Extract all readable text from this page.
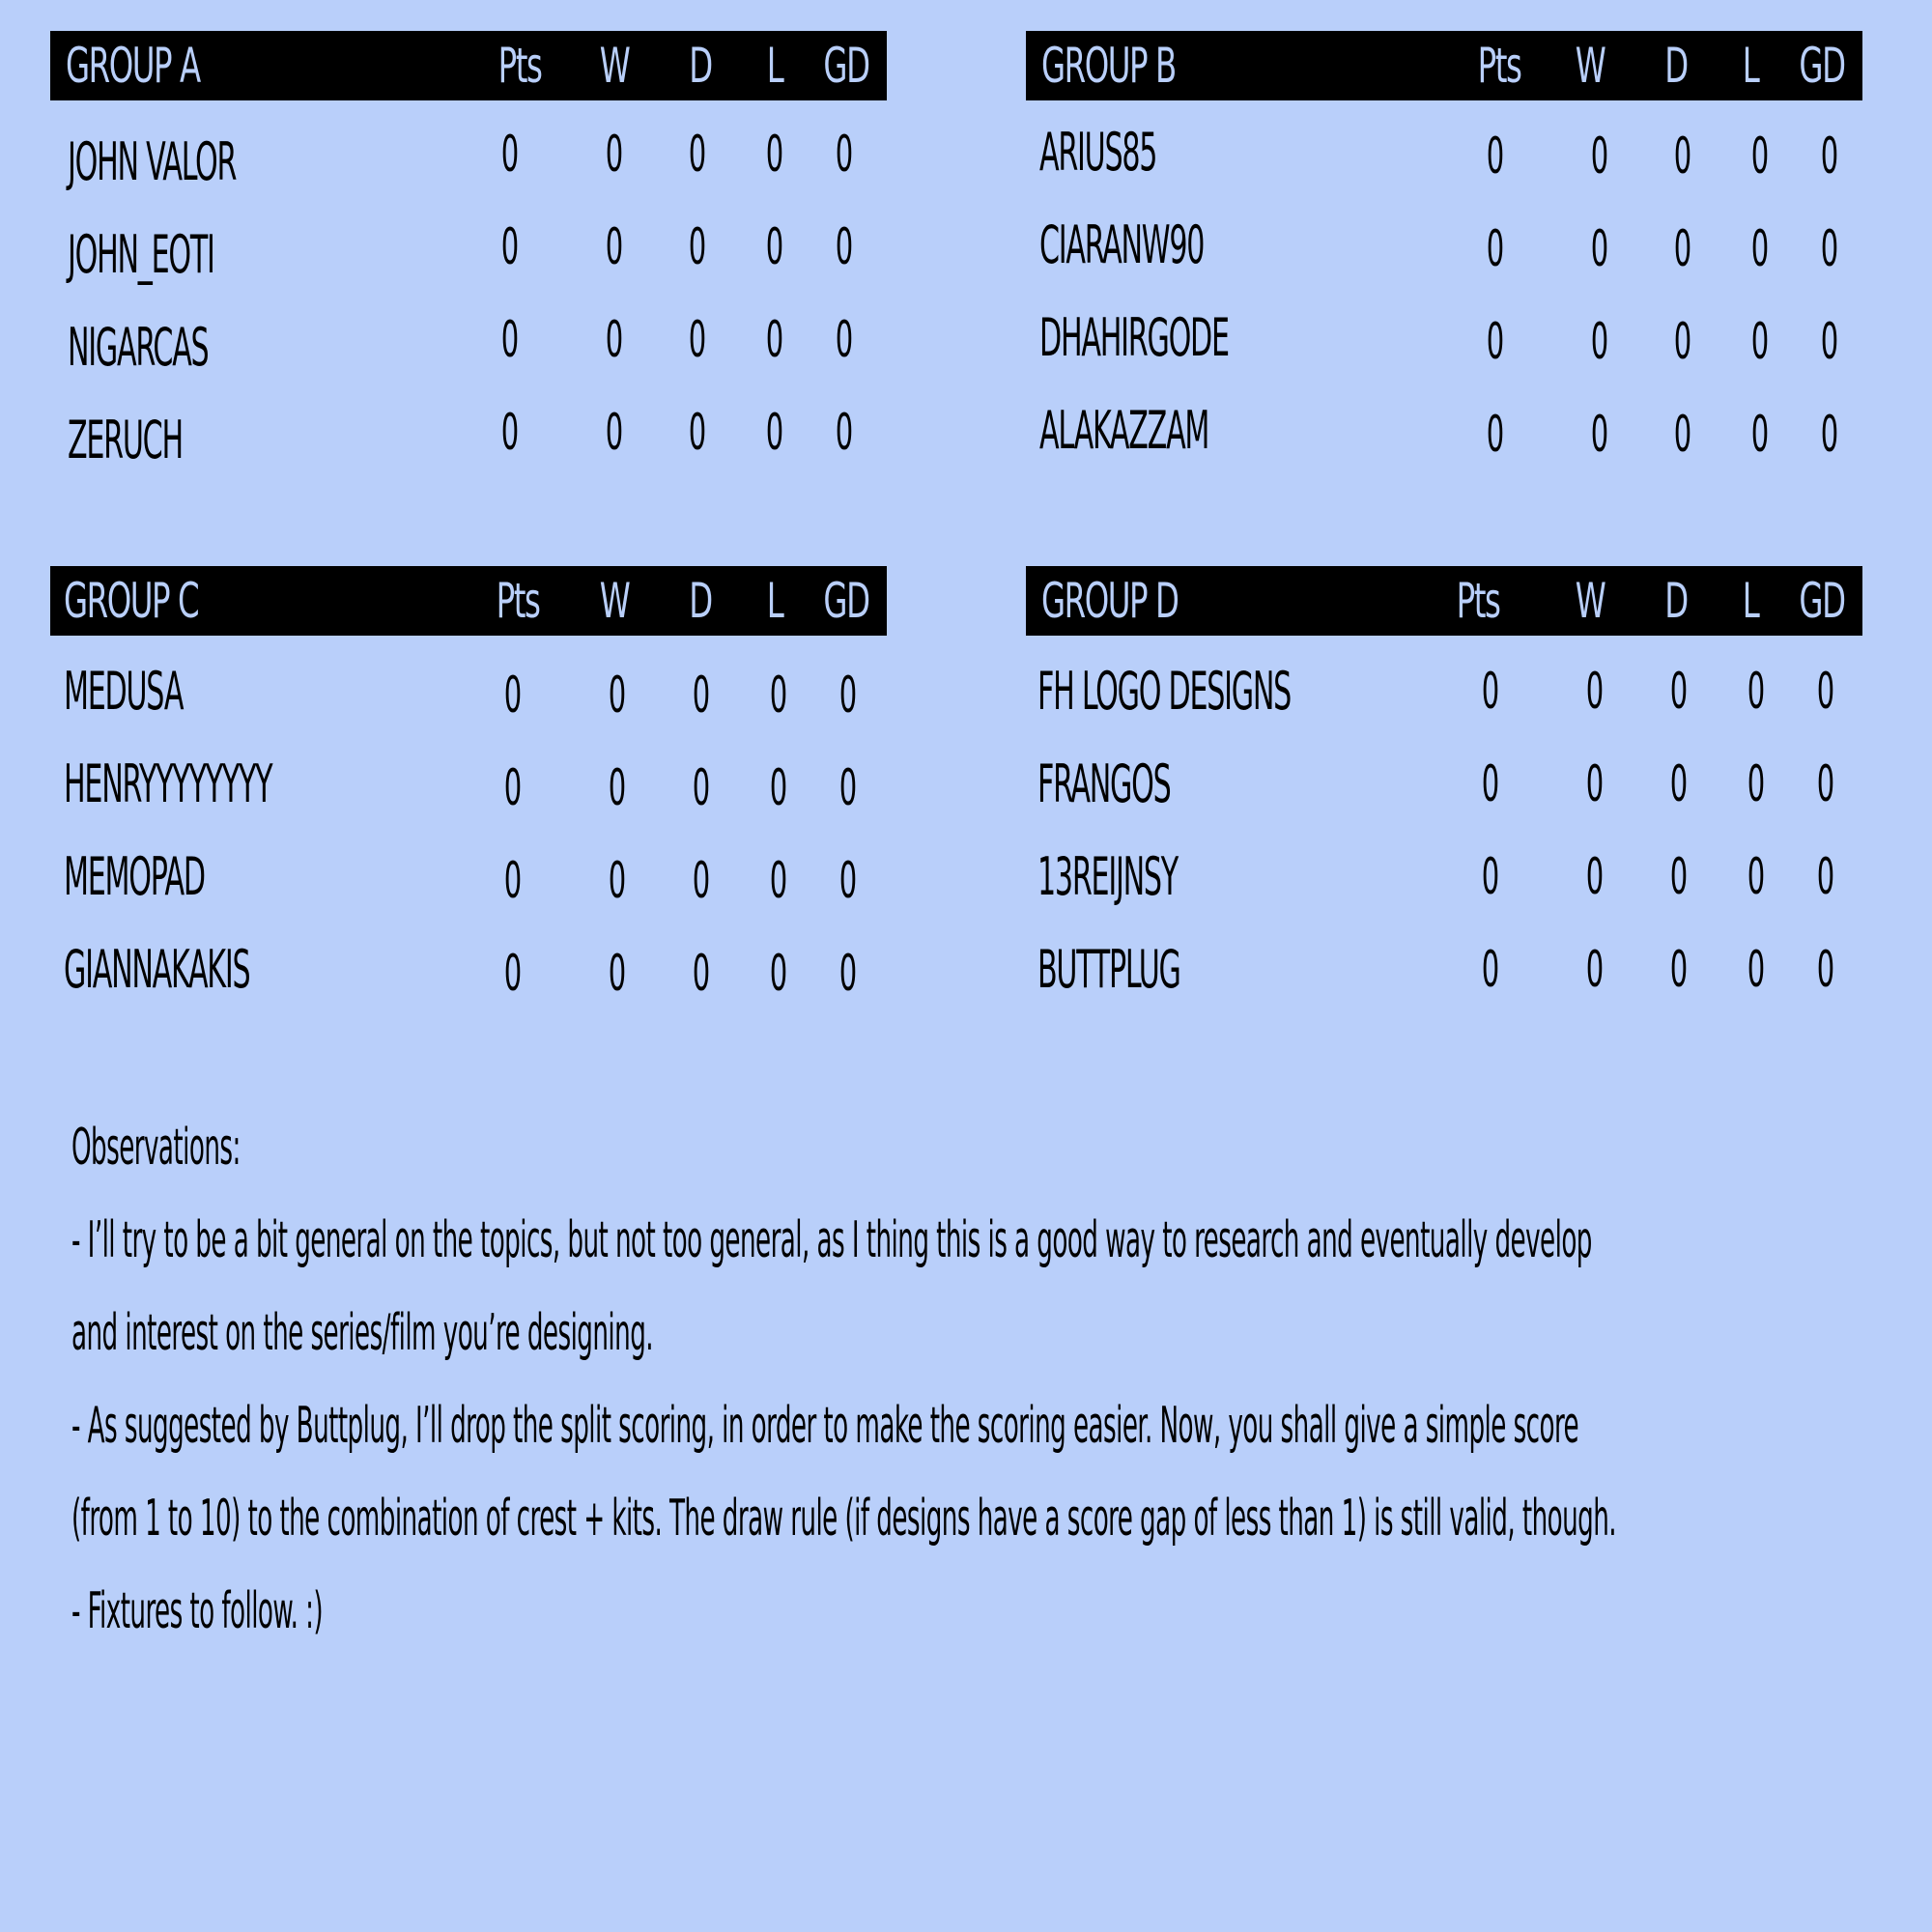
GROUP A	Pts W	D	L GD
JOHN VALOR	0 0 0 0 0
JOHN_EOTI	0 0 0 0 0
NIGARCAS	0 0 0 0 0
ZERUCH	0 0 0 0 0
GROUP B	Pts W	D	L GD
ARIUS85	0 0 0 0 0
CIARANW90	0 0 0 0 0
DHAHIRGODE	0 0 0 0 0
ALAKAZZAM	0 0 0 0 0
GROUP C	Pts W	D	L GD
MEDUSA	0 0 0 0 0
HENRYYYYYYYY	0 0 0 0 0
MEMOPAD	0 0 0 0 0
GIANNAKAKIS	0 0 0 0 0
GROUP D	Pts W	D	L GD
FH LOGO DESIGNS	0 0 0 0 0
FRANGOS	0 0 0 0 0
13REIJNSY	0 0 0 0 0
BUTTPLUG	0 0 0 0 0
Observations:
- I’ll try to be a bit general on the topics, but not too general, as I thing this is a good way to research and eventually develop
and interest on the series/film you’re designing.
- As suggested by Buttplug, I’ll drop the split scoring, in order to make the scoring easier. Now, you shall give a simple score
(from 1 to 10) to the combination of crest + kits. The draw rule (if designs have a score gap of less than 1) is still valid, though.
- Fixtures to follow. :)
